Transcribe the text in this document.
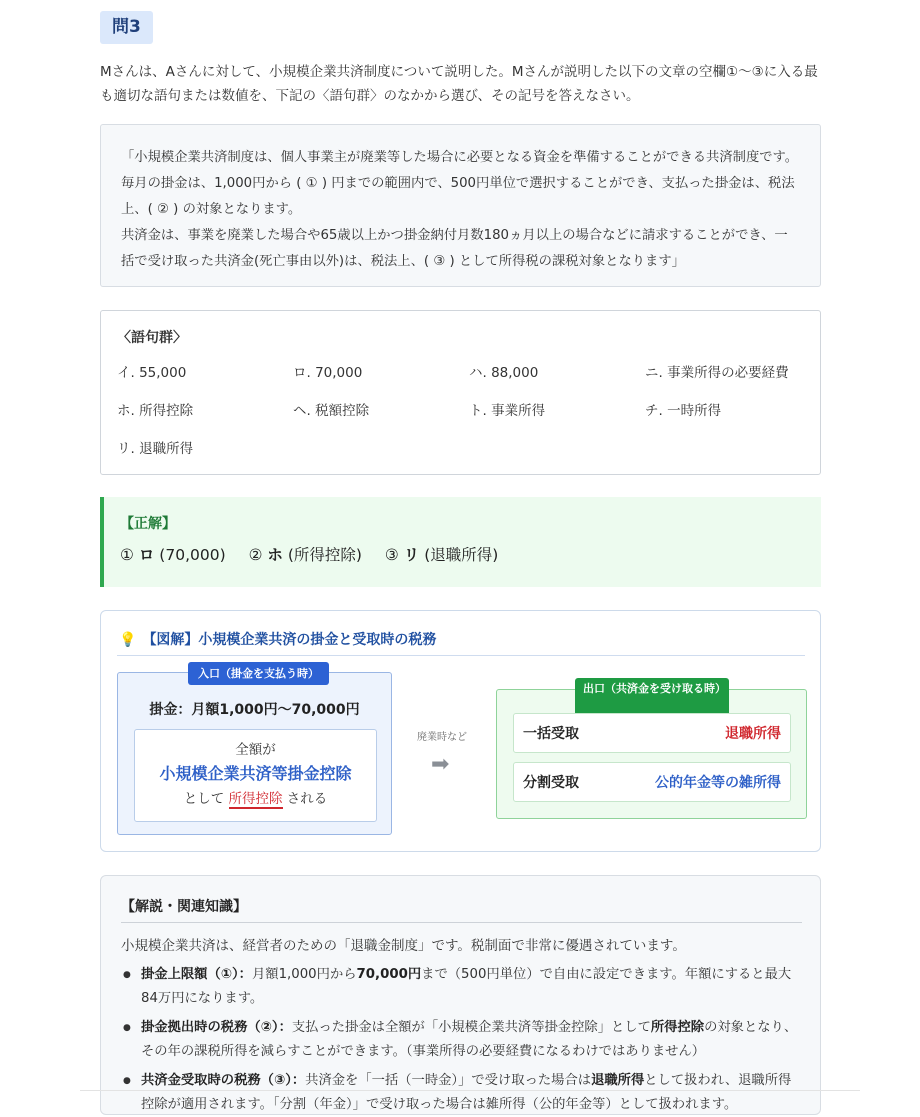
問3

Mさんは、Aさんに対して、小規模企業共済制度について説明した。Mさんが説明した以下の文章の空欄①～③に入る最も適切な語句または数値を、下記の〈語句群〉のなかから選び、その記号を答えなさい。

「小規模企業共済制度は、個人事業主が廃業等した場合に必要となる資金を準備することができる共済制度です。毎月の掛金は、1,000円から ( ① ) 円までの範囲内で、500円単位で選択することができ、支払った掛金は、税法上、( ② ) の対象となります。

共済金は、事業を廃業した場合や65歳以上かつ掛金納付月数180ヵ月以上の場合などに請求することができ、一括で受け取った共済金(死亡事由以外)は、税法上、( ③ ) として所得税の課税対象となります」

〈語句群〉
イ. 55,000	ロ. 70,000	ハ. 88,000	ニ. 事業所得の必要経費
ホ. 所得控除	ヘ. 税額控除	ト. 事業所得	チ. 一時所得
リ. 退職所得
【正解】
① ロ (70,000) ② ホ (所得控除) ③ リ (退職所得)
💡 【図解】小規模企業共済の掛金と受取時の税務
入口（掛金を支払う時）
掛金：月額1,000円～70,000円
全額が
小規模企業共済等掛金控除
として 所得控除 される
廃業時など
➡
出口（共済金を受け取る時）
一括受取	退職所得
分割受取	公的年金等の雑所得
【解説・関連知識】
小規模企業共済は、経営者のための「退職金制度」です。税制面で非常に優遇されています。
● 掛金上限額（①）：月額1,000円から70,000円まで（500円単位）で自由に設定できます。年額にすると最大84万円になります。
● 掛金拠出時の税務（②）：支払った掛金は全額が「小規模企業共済等掛金控除」として所得控除の対象となり、その年の課税所得を減らすことができます。（事業所得の必要経費になるわけではありません）
● 共済金受取時の税務（③）：共済金を「一括（一時金）」で受け取った場合は退職所得として扱われ、退職所得控除が適用されます。「分割（年金）」で受け取った場合は雑所得（公的年金等）として扱われます。
